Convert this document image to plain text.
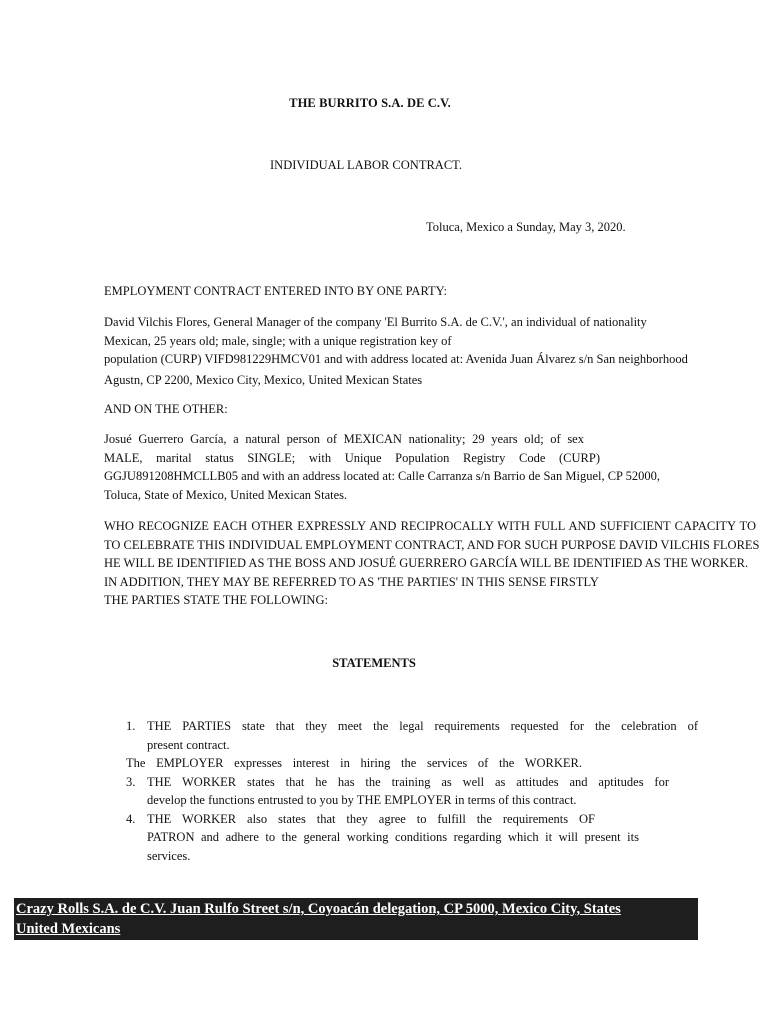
THE BURRITO S.A. DE C.V.
INDIVIDUAL LABOR CONTRACT.
Toluca, Mexico a Sunday, May 3, 2020.
EMPLOYMENT CONTRACT ENTERED INTO BY ONE PARTY:
David Vilchis Flores, General Manager of the company 'El Burrito S.A. de C.V.', an individual of nationality
Mexican, 25 years old; male, single; with a unique registration key of
population (CURP) VIFD981229HMCV01 and with address located at: Avenida Juan Álvarez s/n San neighborhood
Agustn, CP 2200, Mexico City, Mexico, United Mexican States
AND ON THE OTHER:
Josué Guerrero García, a natural person of MEXICAN nationality; 29 years old; of sex
MALE, marital status SINGLE; with Unique Population Registry Code (CURP)
GGJU891208HMCLLB05 and with an address located at: Calle Carranza s/n Barrio de San Miguel, CP 52000,
Toluca, State of Mexico, United Mexican States.
WHO RECOGNIZE EACH OTHER EXPRESSLY AND RECIPROCALLY WITH FULL AND SUFFICIENT CAPACITY TO
TO CELEBRATE THIS INDIVIDUAL EMPLOYMENT CONTRACT, AND FOR SUCH PURPOSE DAVID VILCHIS FLORES
HE WILL BE IDENTIFIED AS THE BOSS AND JOSUÉ GUERRERO GARCÍA WILL BE IDENTIFIED AS THE WORKER.
IN ADDITION, THEY MAY BE REFERRED TO AS 'THE PARTIES' IN THIS SENSE FIRSTLY
THE PARTIES STATE THE FOLLOWING:
STATEMENTS
1. THE PARTIES state that they meet the legal requirements requested for the celebration of
present contract.
The EMPLOYER expresses interest in hiring the services of the WORKER.
3. THE WORKER states that he has the training as well as attitudes and aptitudes for
develop the functions entrusted to you by THE EMPLOYER in terms of this contract.
4. THE WORKER also states that they agree to fulfill the requirements OF
PATRON and adhere to the general working conditions regarding which it will present its
services.
Crazy Rolls S.A. de C.V. Juan Rulfo Street s/n, Coyoacán delegation, CP 5000, Mexico City, States
United Mexicans
